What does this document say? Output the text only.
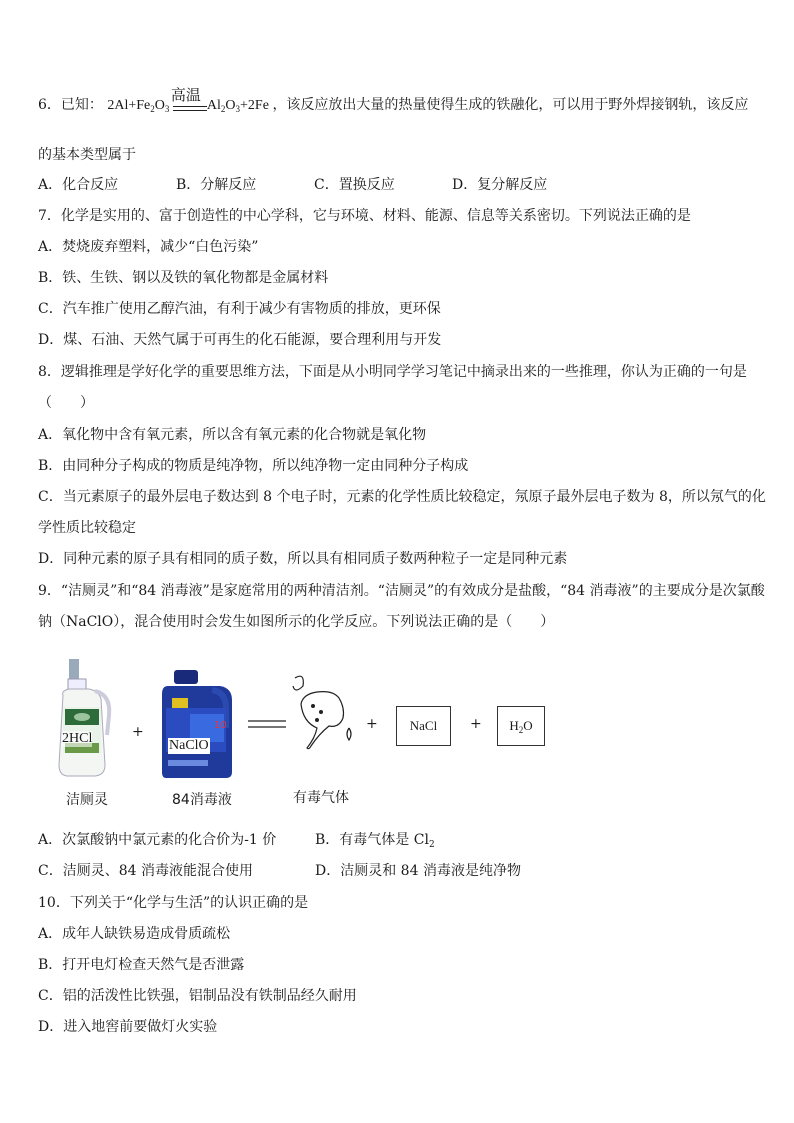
6．已知： $2Al+Fe_2O_3$
高温
$Al_2O_3+2Fe$ ，该反应放出大量的热量使得生成的铁融化，可以用于野外焊接钢轨，该反应
的基本类型属于
A．化合反应	B．分解反应	C．置换反应	D．复分解反应
7．化学是实用的、富于创造性的中心学科，它与环境、材料、能源、信息等关系密切。下列说法正确的是
A．焚烧废弃塑料，减少“白色污染”
B．铁、生铁、钢以及铁的氧化物都是金属材料
C．汽车推广使用乙醇汽油，有利于减少有害物质的排放，更环保
D．煤、石油、天然气属于可再生的化石能源，要合理利用与开发
8．逻辑推理是学好化学的重要思维方法，下面是从小明同学学习笔记中摘录出来的一些推理，你认为正确的一句是
（　　）
A．氧化物中含有氧元素，所以含有氧元素的化合物就是氧化物
B．由同种分子构成的物质是纯净物，所以纯净物一定由同种分子构成
C．当元素原子的最外层电子数达到 8 个电子时，元素的化学性质比较稳定，氖原子最外层电子数为 8，所以氖气的化
学性质比较稳定
D．同种元素的原子具有相同的质子数，所以具有相同质子数两种粒子一定是同种元素
9．“洁厕灵”和“84 消毒液”是家庭常用的两种清洁剂。“洁厕灵”的有效成分是盐酸，“84 消毒液”的主要成分是次氯酸
钠（NaClO），混合使用时会发生如图所示的化学反应。下列说法正确的是（　　）
2HCl
洁厕灵
+	10
NaClO
84消毒液	有毒气体
+	NaCl	+	$H_2O$
A．次氯酸钠中氯元素的化合价为-1 价	B．有毒气体是 $Cl_2$
C．洁厕灵、84 消毒液能混合使用	D．洁厕灵和 84 消毒液是纯净物
10．下列关于“化学与生活”的认识正确的是
A．成年人缺铁易造成骨质疏松
B．打开电灯检查天然气是否泄露
C．铝的活泼性比铁强，铝制品没有铁制品经久耐用
D．进入地窖前要做灯火实验
